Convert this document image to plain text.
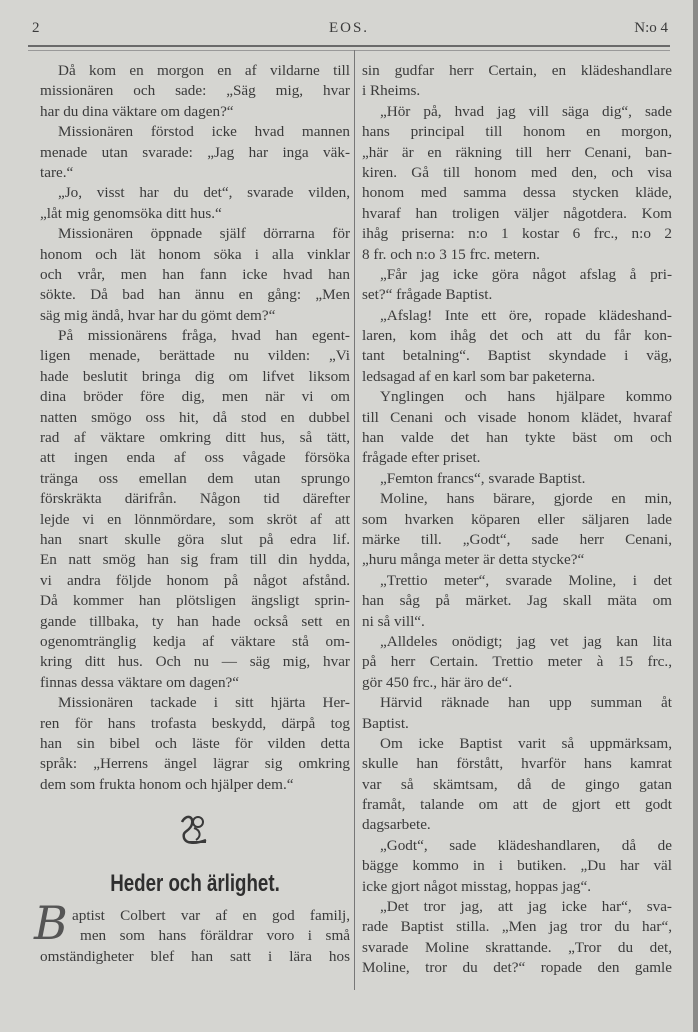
2	EOS.	N:o 4
Då kom en morgon en af vildarne till
missionären och sade: „Säg mig, hvar
har du dina väktare om dagen?“
Missionären förstod icke hvad mannen
menade utan svarade: „Jag har inga väk-
tare.“
„Jo, visst har du det“, svarade vilden,
„låt mig genomsöka ditt hus.“
Missionären öppnade själf dörrarna för
honom och lät honom söka i alla vinklar
och vrår, men han fann icke hvad han
sökte. Då bad han ännu en gång: „Men
säg mig ändå, hvar har du gömt dem?“
På missionärens fråga, hvad han egent-
ligen menade, berättade nu vilden: „Vi
hade beslutit bringa dig om lifvet liksom
dina bröder före dig, men när vi om
natten smögo oss hit, då stod en dubbel
rad af väktare omkring ditt hus, så tätt,
att ingen enda af oss vågade försöka
tränga oss emellan dem utan sprungo
förskräkta därifrån. Någon tid därefter
lejde vi en lönnmördare, som skröt af att
han snart skulle göra slut på edra lif.
En natt smög han sig fram till din hydda,
vi andra följde honom på något afstånd.
Då kommer han plötsligen ängsligt sprin-
gande tillbaka, ty han hade också sett en
ogenomtränglig kedja af väktare stå om-
kring ditt hus. Och nu — säg mig, hvar
finnas dessa väktare om dagen?“
Missionären tackade i sitt hjärta Her-
ren för hans trofasta beskydd, därpå tog
han sin bibel och läste för vilden detta
språk: „Herrens ängel lägrar sig omkring
dem som frukta honom och hjälper dem.“
Heder och ärlighet.
B aptist Colbert var af en god familj,
men som hans föräldrar voro i små
omständigheter blef han satt i lära hos
sin gudfar herr Certain, en klädeshandlare
i Rheims.
„Hör på, hvad jag vill säga dig“, sade
hans principal till honom en morgon,
„här är en räkning till herr Cenani, ban-
kiren. Gå till honom med den, och visa
honom med samma dessa stycken kläde,
hvaraf han troligen väljer någotdera. Kom
ihåg priserna: n:o 1 kostar 6 frc., n:o 2
8 fr. och n:o 3 15 frc. metern.
„Får jag icke göra något afslag å pri-
set?“ frågade Baptist.
„Afslag! Inte ett öre, ropade klädeshand-
laren, kom ihåg det och att du får kon-
tant betalning“. Baptist skyndade i väg,
ledsagad af en karl som bar paketerna.
Ynglingen och hans hjälpare kommo
till Cenani och visade honom klädet, hvaraf
han valde det han tykte bäst om och
frågade efter priset.
„Femton francs“, svarade Baptist.
Moline, hans bärare, gjorde en min,
som hvarken köparen eller säljaren lade
märke till. „Godt“, sade herr Cenani,
„huru många meter är detta stycke?“
„Trettio meter“, svarade Moline, i det
han såg på märket. Jag skall mäta om
ni så vill“.
„Alldeles onödigt; jag vet jag kan lita
på herr Certain. Trettio meter à 15 frc.,
gör 450 frc., här äro de“.
Härvid räknade han upp summan åt
Baptist.
Om icke Baptist varit så uppmärksam,
skulle han förstått, hvarför hans kamrat
var så skämtsam, då de gingo gatan
framåt, talande om att de gjort ett godt
dagsarbete.
„Godt“, sade klädeshandlaren, då de
bägge kommo in i butiken. „Du har väl
icke gjort något misstag, hoppas jag“.
„Det tror jag, att jag icke har“, sva-
rade Baptist stilla. „Men jag tror du har“,
svarade Moline skrattande. „Tror du det,
Moline, tror du det?“ ropade den gamle
